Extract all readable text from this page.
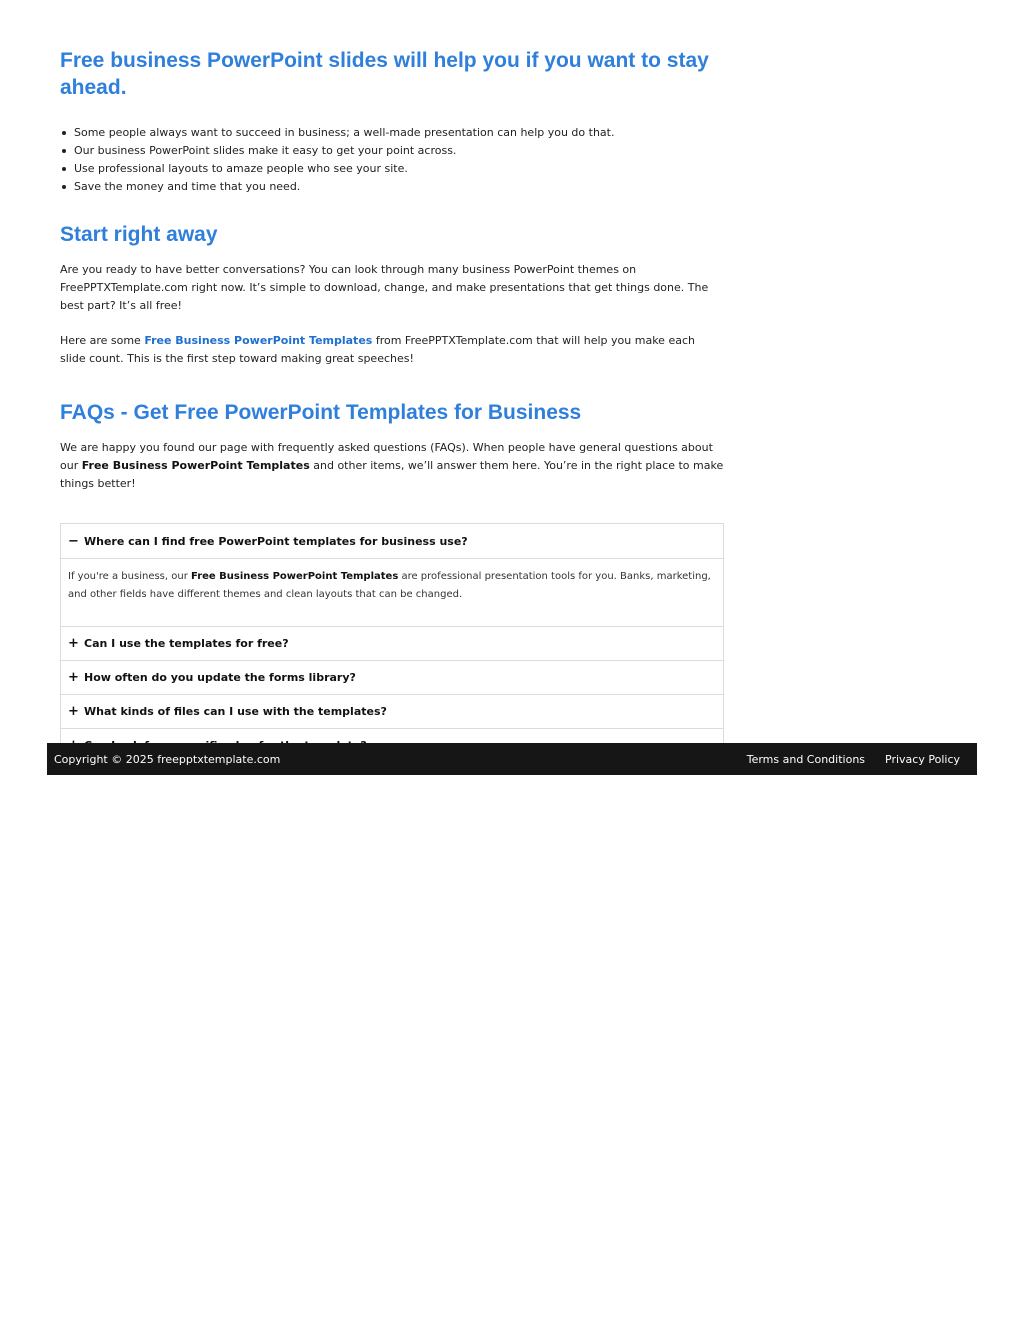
Free business PowerPoint slides will help you if you want to stay ahead.
Some people always want to succeed in business; a well-made presentation can help you do that.
Our business PowerPoint slides make it easy to get your point across.
Use professional layouts to amaze people who see your site.
Save the money and time that you need.
Start right away

Are you ready to have better conversations? You can look through many business PowerPoint themes on FreePPTXTemplate.com right now. It’s simple to download, change, and make presentations that get things done. The best part? It’s all free!

Here are some Free Business PowerPoint Templates from FreePPTXTemplate.com that will help you make each slide count. This is the first step toward making great speeches!

FAQs - Get Free PowerPoint Templates for Business

We are happy you found our page with frequently asked questions (FAQs). When people have general questions about our Free Business PowerPoint Templates and other items, we’ll answer them here. You’re in the right place to make things better!

− Where can I find free PowerPoint templates for business use?
If you're a business, our Free Business PowerPoint Templates are professional presentation tools for you. Banks, marketing, and other fields have different themes and clean layouts that can be changed.
+ Can I use the templates for free?
+ How often do you update the forms library?
+ What kinds of files can I use with the templates?
Copyright © 2025 freepptxtemplate.com	Terms and Conditions Privacy Policy
